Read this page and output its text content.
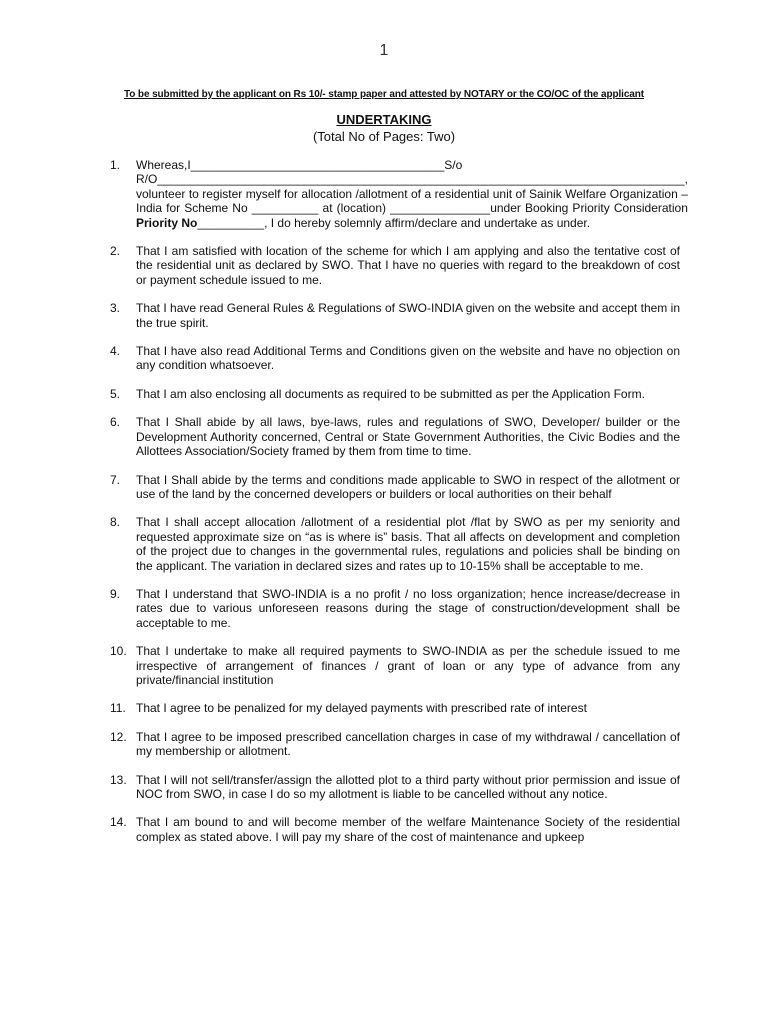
1
To be submitted by the applicant on Rs 10/- stamp paper and attested by NOTARY or the CO/OC of the applicant
UNDERTAKING
(Total No of Pages: Two)
1.	Whereas,I______________________________________S/o
R/O_______________________________________________________________________________,
volunteer to register myself for allocation /allotment of a residential unit of Sainik Welfare Organization –India for Scheme No __________ at (location) _______________under Booking Priority Consideration Priority No__________, I do hereby solemnly affirm/declare and undertake as under.
2.	That I am satisfied with location of the scheme for which I am applying and also the tentative cost of the residential unit as declared by SWO. That I have no queries with regard to the breakdown of cost or payment schedule issued to me.
3.	That I have read General Rules & Regulations of SWO-INDIA given on the website and accept them in the true spirit.
4.	That I have also read Additional Terms and Conditions given on the website and have no objection on any condition whatsoever.
5.	That I am also enclosing all documents as required to be submitted as per the Application Form.
6.	That I Shall abide by all laws, bye-laws, rules and regulations of SWO, Developer/ builder or the Development Authority concerned, Central or State Government Authorities, the Civic Bodies and the Allottees Association/Society framed by them from time to time.
7.	That I Shall abide by the terms and conditions made applicable to SWO in respect of the allotment or use of the land by the concerned developers or builders or local authorities on their behalf
8.	That I shall accept allocation /allotment of a residential plot /flat by SWO as per my seniority and requested approximate size on “as is where is” basis. That all affects on development and completion of the project due to changes in the governmental rules, regulations and policies shall be binding on the applicant. The variation in declared sizes and rates up to 10-15% shall be acceptable to me.
9.	That I understand that SWO-INDIA is a no profit / no loss organization; hence increase/decrease in rates due to various unforeseen reasons during the stage of construction/development shall be acceptable to me.
10. That I undertake to make all required payments to SWO-INDIA as per the schedule issued to me irrespective of arrangement of finances / grant of loan or any type of advance from any private/financial institution
11. That I agree to be penalized for my delayed payments with prescribed rate of interest
12. That I agree to be imposed prescribed cancellation charges in case of my withdrawal / cancellation of my membership or allotment.
13. That I will not sell/transfer/assign the allotted plot to a third party without prior permission and issue of NOC from SWO, in case I do so my allotment is liable to be cancelled without any notice.
14. That I am bound to and will become member of the welfare Maintenance Society of the residential complex as stated above. I will pay my share of the cost of maintenance and upkeep
